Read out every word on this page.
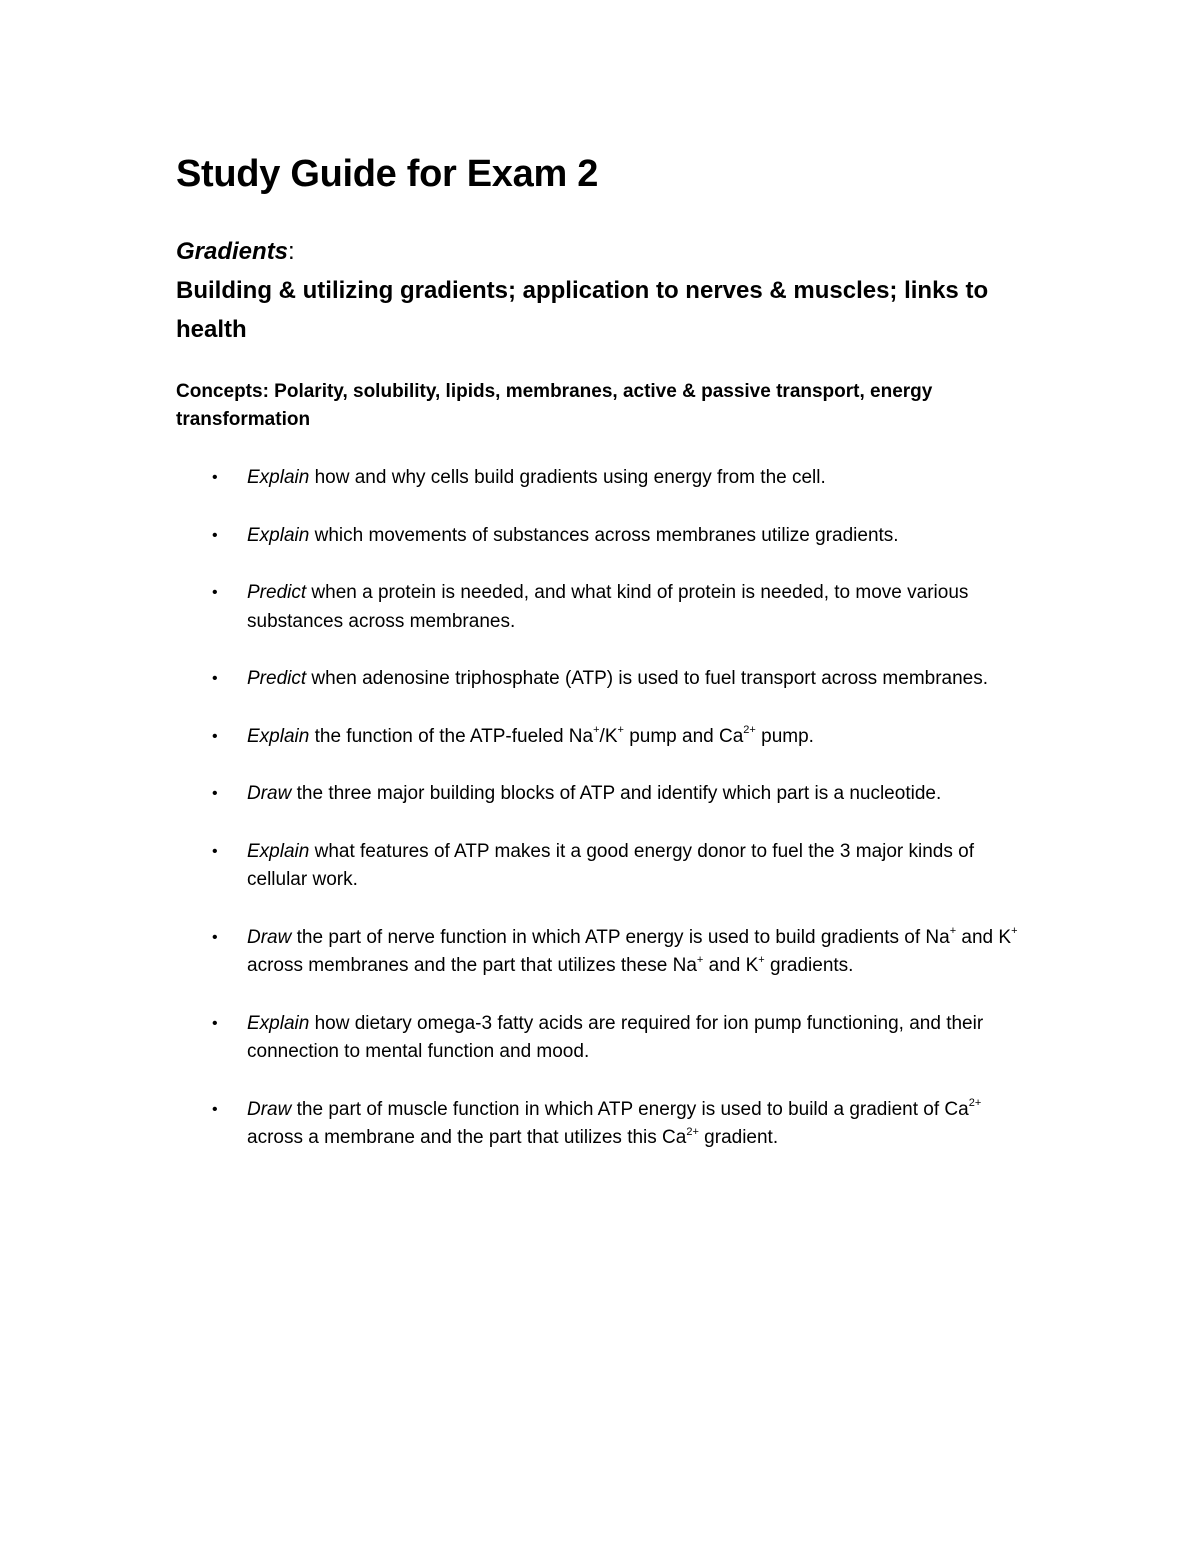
Study Guide for Exam 2
Gradients:
Building & utilizing gradients; application to nerves & muscles; links to health
Concepts: Polarity, solubility, lipids, membranes, active & passive transport, energy transformation
• Explain how and why cells build gradients using energy from the cell.
• Explain which movements of substances across membranes utilize gradients.
• Predict when a protein is needed, and what kind of protein is needed, to move various substances across membranes.
• Predict when adenosine triphosphate (ATP) is used to fuel transport across membranes.
• Explain the function of the ATP-fueled Na+/K+ pump and $Ca^{2+}$ pump.
• Draw the three major building blocks of ATP and identify which part is a nucleotide.
• Explain what features of ATP makes it a good energy donor to fuel the 3 major kinds of cellular work.
• Draw the part of nerve function in which ATP energy is used to build gradients of Na+ and K+ across membranes and the part that utilizes these Na+ and K+ gradients.
• Explain how dietary omega-3 fatty acids are required for ion pump functioning, and their connection to mental function and mood.
• Draw the part of muscle function in which ATP energy is used to build a gradient of $Ca^{2+}$ across a membrane and the part that utilizes this $Ca^{2+}$ gradient.
